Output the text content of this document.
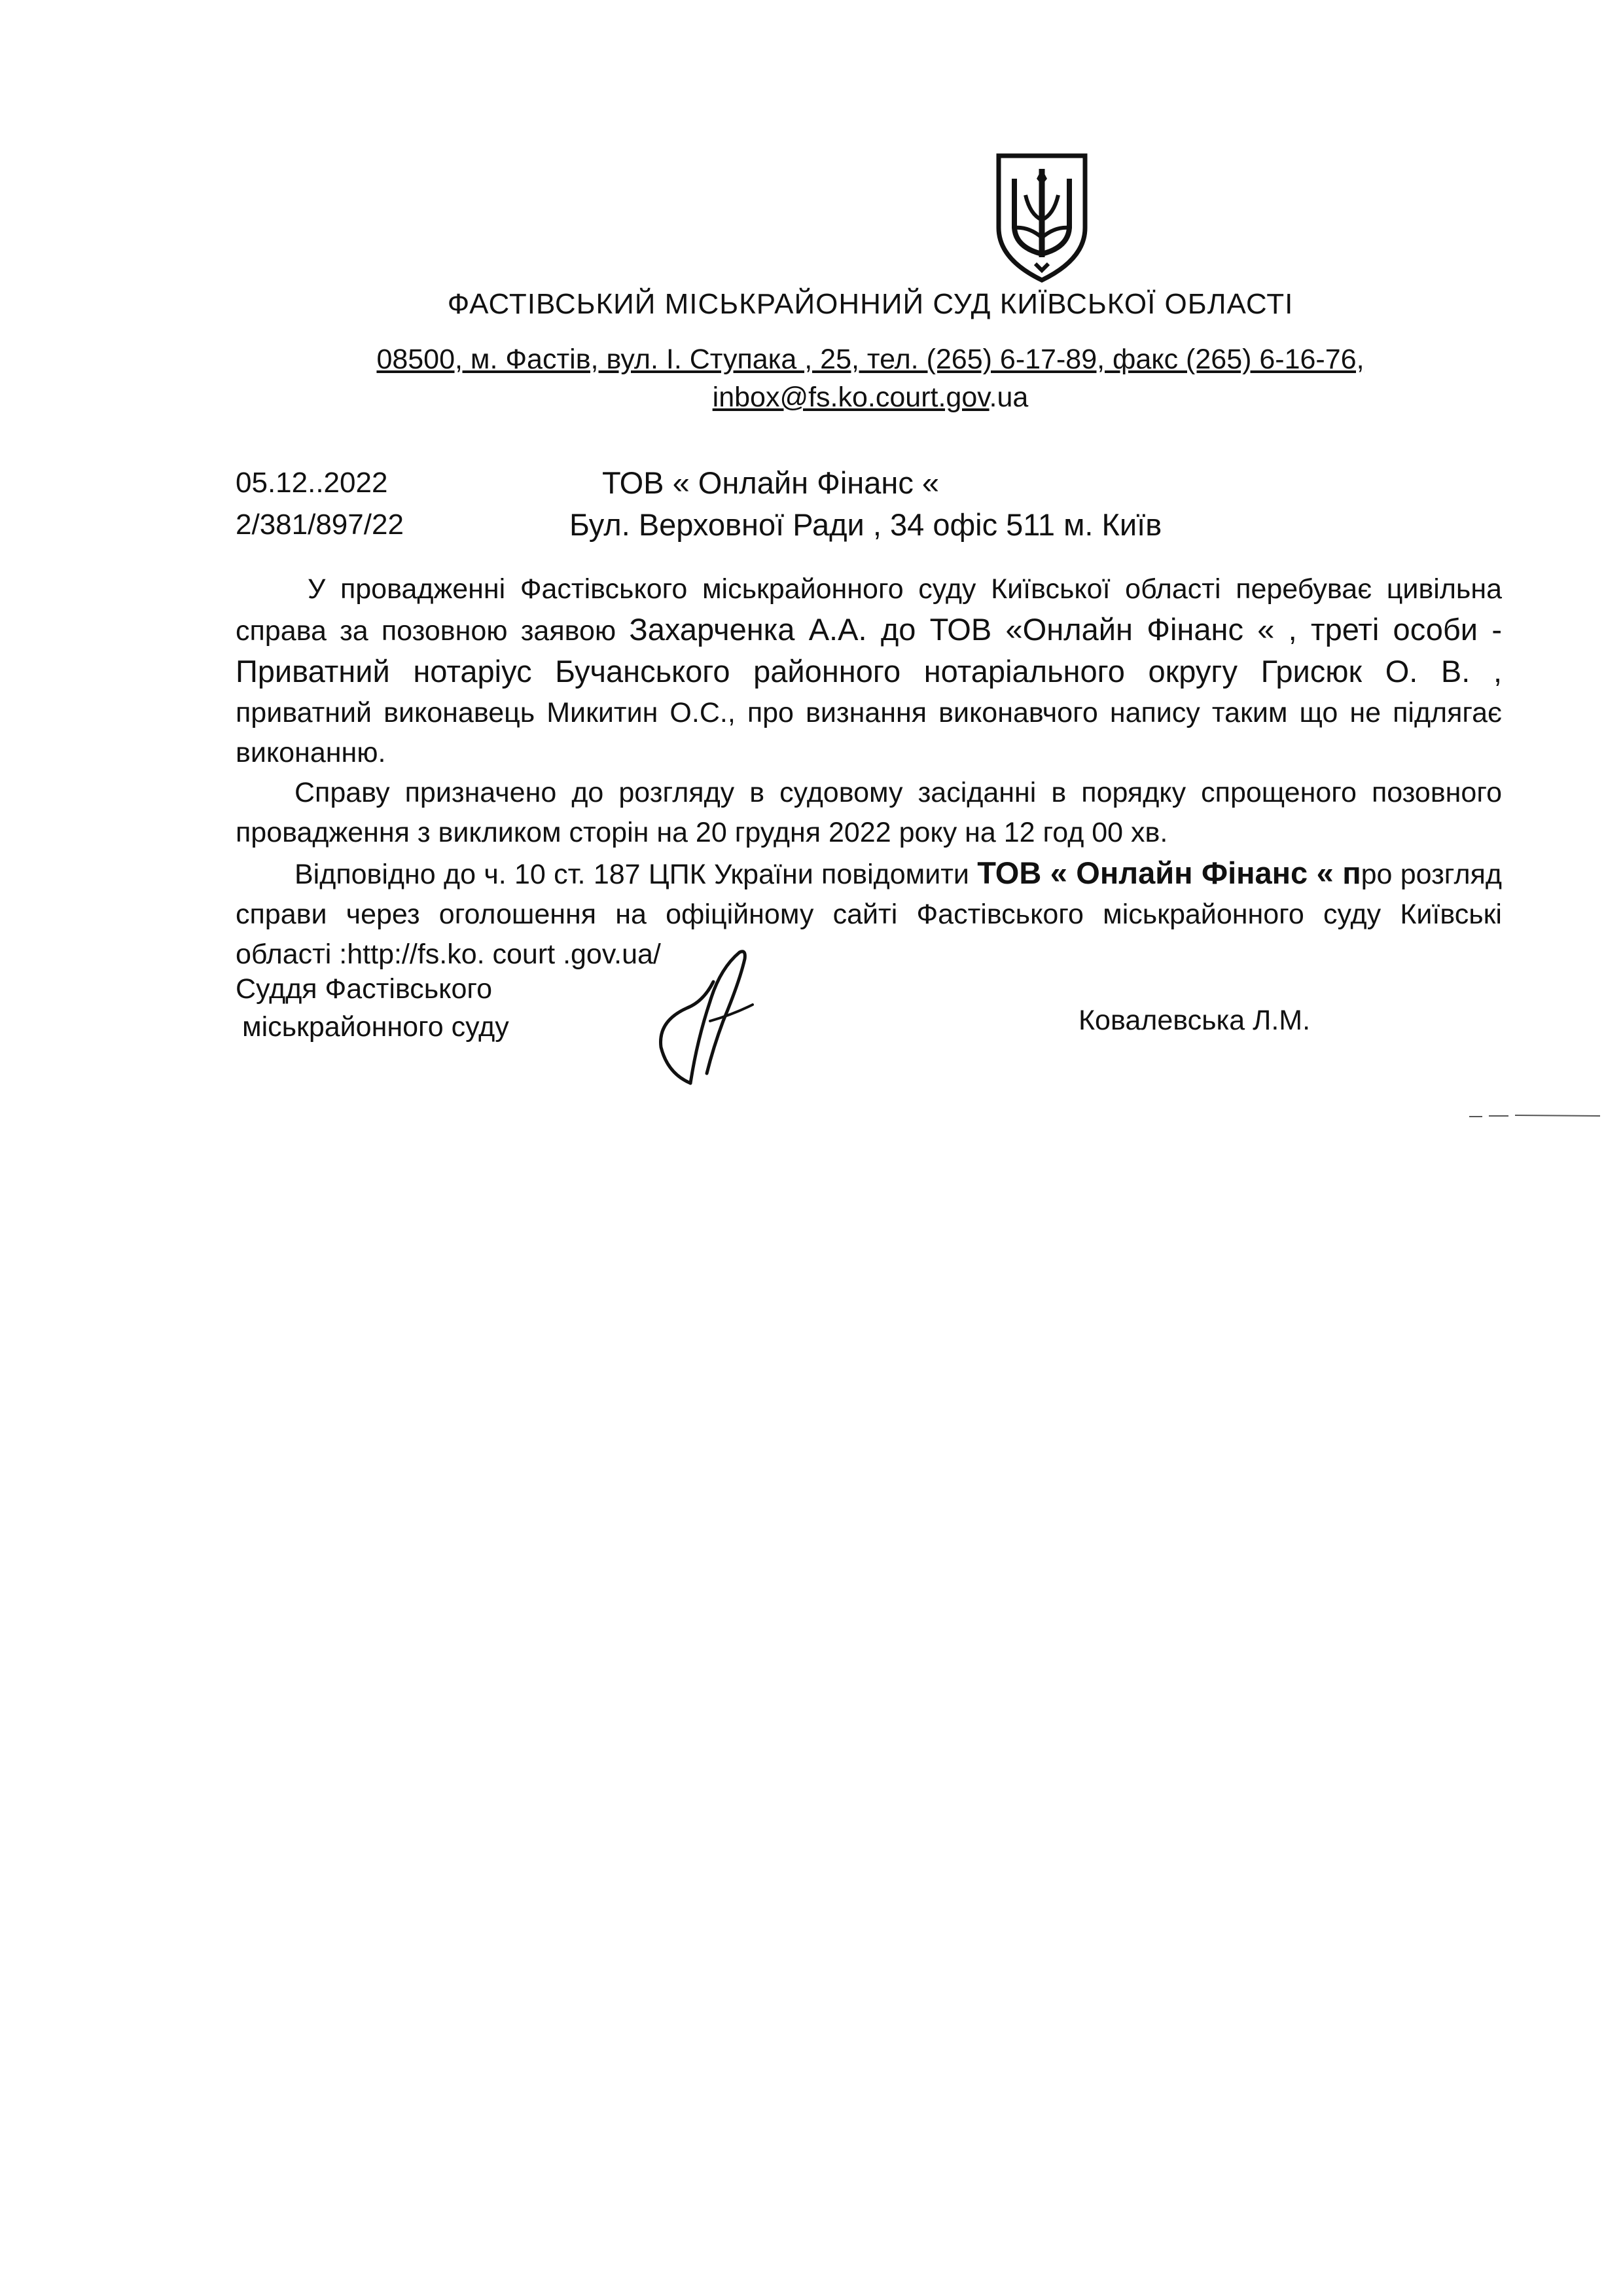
ФАСТІВСЬКИЙ МІСЬКРАЙОННИЙ СУД КИЇВСЬКОЇ ОБЛАСТІ
08500, м. Фастів, вул. І. Ступака , 25, тел. (265) 6-17-89, факс (265) 6-16-76,
inbox@fs.ko.court.gov.ua
05.12..2022
2/381/897/22
ТОВ « Онлайн Фінанс «
Бул. Верховної Ради , 34 офіс 511 м. Київ

У провадженні Фастівського міськрайонного суду Київської області перебуває цивільна справа за позовною заявою Захарченка А.А. до ТОВ «Онлайн Фінанс « , треті особи - Приватний нотаріус Бучанського районного нотаріального округу Грисюк О. В. , приватний виконавець Микитин О.С., про визнання виконавчого напису таким що не підлягає виконанню.

Справу призначено до розгляду в судовому засіданні в порядку спрощеного позовного провадження з викликом сторін на 20 грудня 2022 року на 12 год 00 хв.

Відповідно до ч. 10 ст. 187 ЦПК України повідомити ТОВ « Онлайн Фінанс « про розгляд справи через оголошення на офіційному сайті Фастівського міськрайонного суду Київські області :http://fs.ko. court .gov.ua/

Суддя Фастівського
міськрайонного суду	Ковалевська Л.М.
